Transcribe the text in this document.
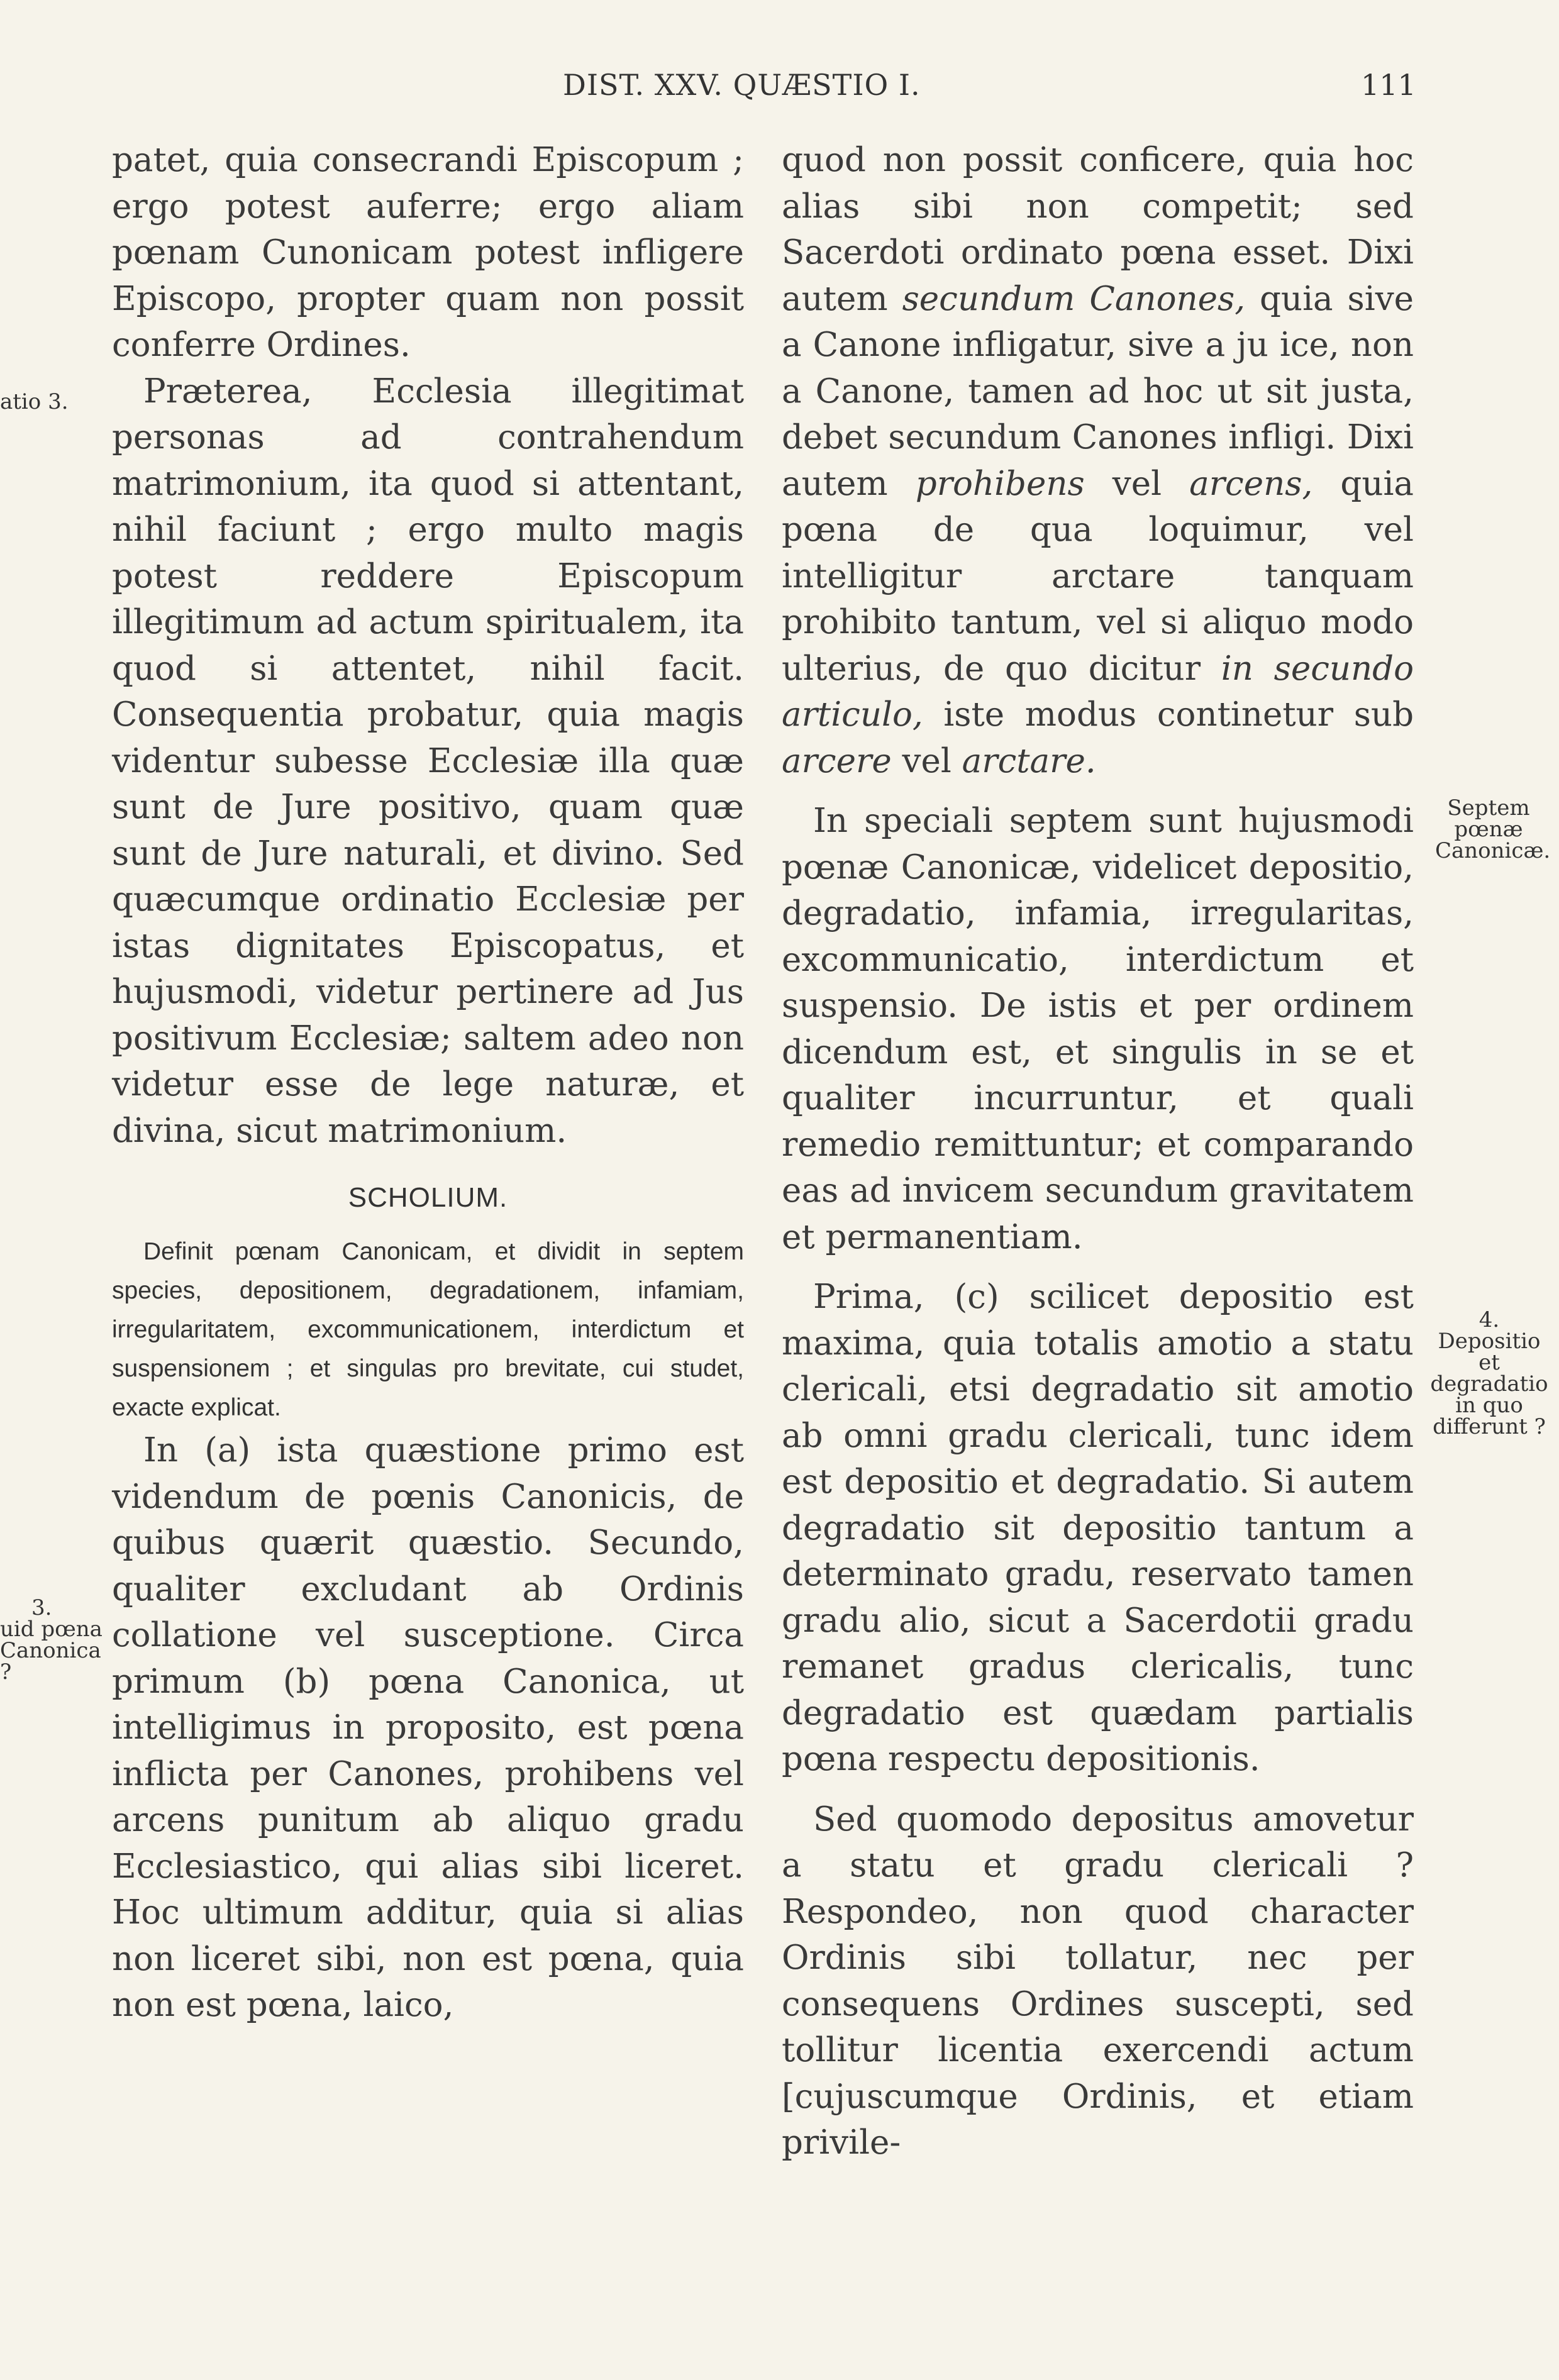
DIST. XXV. QUÆSTIO I.	111

patet, quia consecrandi Episcopum ; ergo potest auferre; ergo aliam pœnam Cunonicam potest infligere Episcopo, propter quam non possit conferre Ordines.

Præterea, Ecclesia illegitimat personas ad contrahendum matrimonium, ita quod si attentant, nihil faciunt ; ergo multo magis potest reddere Episcopum illegitimum ad actum spiritualem, ita quod si attentet, nihil facit. Consequentia probatur, quia magis videntur subesse Ecclesiæ illa quæ sunt de Jure positivo, quam quæ sunt de Jure naturali, et divino. Sed quæcumque ordinatio Ecclesiæ per istas dignitates Episcopatus, et hujusmodi, videtur pertinere ad Jus positivum Ecclesiæ; saltem adeo non videtur esse de lege naturæ, et divina, sicut matrimonium.

SCHOLIUM.

Definit pœnam Canonicam, et dividit in septem species, depositionem, degradationem, infamiam, irregularitatem, excommunicationem, interdictum et suspensionem ; et singulas pro brevitate, cui studet, exacte explicat.

In (a) ista quæstione primo est videndum de pœnis Canonicis, de quibus quærit quæstio. Secundo, qualiter excludant ab Ordinis collatione vel susceptione. Circa primum (b) pœna Canonica, ut intelligimus in proposito, est pœna inflicta per Canones, prohibens vel arcens punitum ab aliquo gradu Ecclesiastico, qui alias sibi liceret. Hoc ultimum additur, quia si alias non liceret sibi, non est pœna, quia non est pœna, laico,

quod non possit conficere, quia hoc alias sibi non competit; sed Sacerdoti ordinato pœna esset. Dixi autem secundum Canones, quia sive a Canone infligatur, sive a ju ice, non a Canone, tamen ad hoc ut sit justa, debet secundum Canones infligi. Dixi autem prohibens vel arcens, quia pœna de qua loquimur, vel intelligitur arctare tanquam prohibito tantum, vel si aliquo modo ulterius, de quo dicitur in secundo articulo, iste modus continetur sub arcere vel arctare.

In speciali septem sunt hujusmodi pœnæ Canonicæ, videlicet depositio, degradatio, infamia, irregularitas, excommunicatio, interdictum et suspensio. De istis et per ordinem dicendum est, et singulis in se et qualiter incurruntur, et quali remedio remittuntur; et comparando eas ad invicem secundum gravitatem et permanentiam.

Prima, (c) scilicet depositio est maxima, quia totalis amotio a statu clericali, etsi degradatio sit amotio ab omni gradu clericali, tunc idem est depositio et degradatio. Si autem degradatio sit depositio tantum a determinato gradu, reservato tamen gradu alio, sicut a Sacerdotii gradu remanet gradus clericalis, tunc degradatio est quædam partialis pœna respectu depositionis.

Sed quomodo depositus amovetur a statu et gradu clericali ? Respondeo, non quod character Ordinis sibi tollatur, nec per consequens Ordines suscepti, sed tollitur licentia exercendi actum [cujuscumque Ordinis, et etiam privile-

atio 3.
3.
uid pœna
Canonica ?
Septem
pœnæ
Canonicæ.
4.
Depositio
et
degradatio
in quo
differunt ?
